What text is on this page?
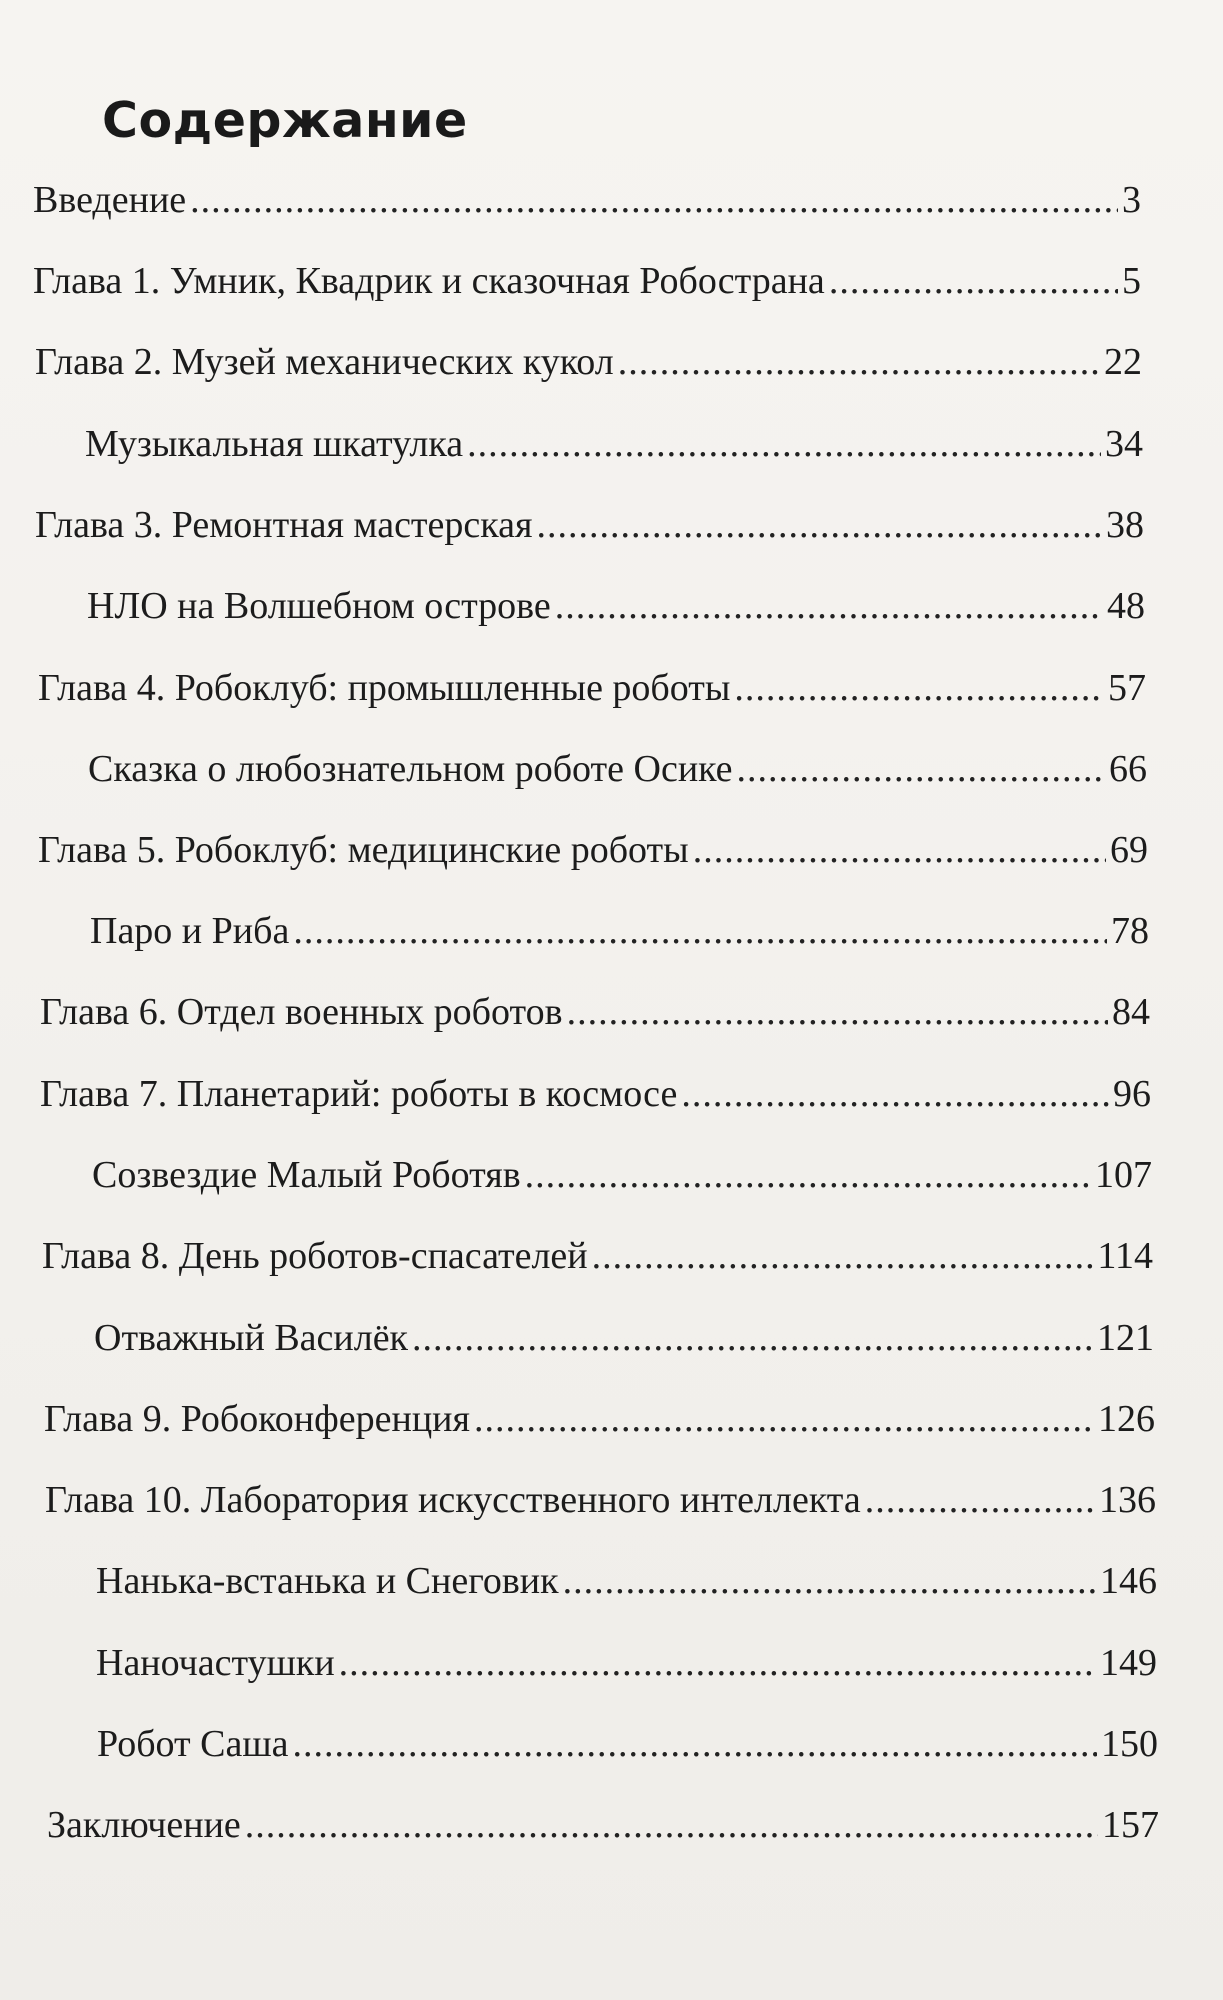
Содержание
Введение .....	3
Глава 1. Умник, Квадрик и сказочная Робострана .....	5
Глава 2. Музей механических кукол .....	22
Музыкальная шкатулка .....	34
Глава 3. Ремонтная мастерская .....	38
НЛО на Волшебном острове .....	48
Глава 4. Робоклуб: промышленные роботы .....	57
Сказка о любознательном роботе Осике .....	66
Глава 5. Робоклуб: медицинские роботы .....	69
Паро и Риба .....	78
Глава 6. Отдел военных роботов .....	84
Глава 7. Планетарий: роботы в космосе .....	96
Созвездие Малый Роботяв .....	107
Глава 8. День роботов-спасателей .....	114
Отважный Василёк .....	121
Глава 9. Робоконференция .....	126
Глава 10. Лаборатория искусственного интеллекта .....	136
Нанька-встанька и Снеговик .....	146
Наночастушки .....	149
Робот Саша .....	150
Заключение .....	157
